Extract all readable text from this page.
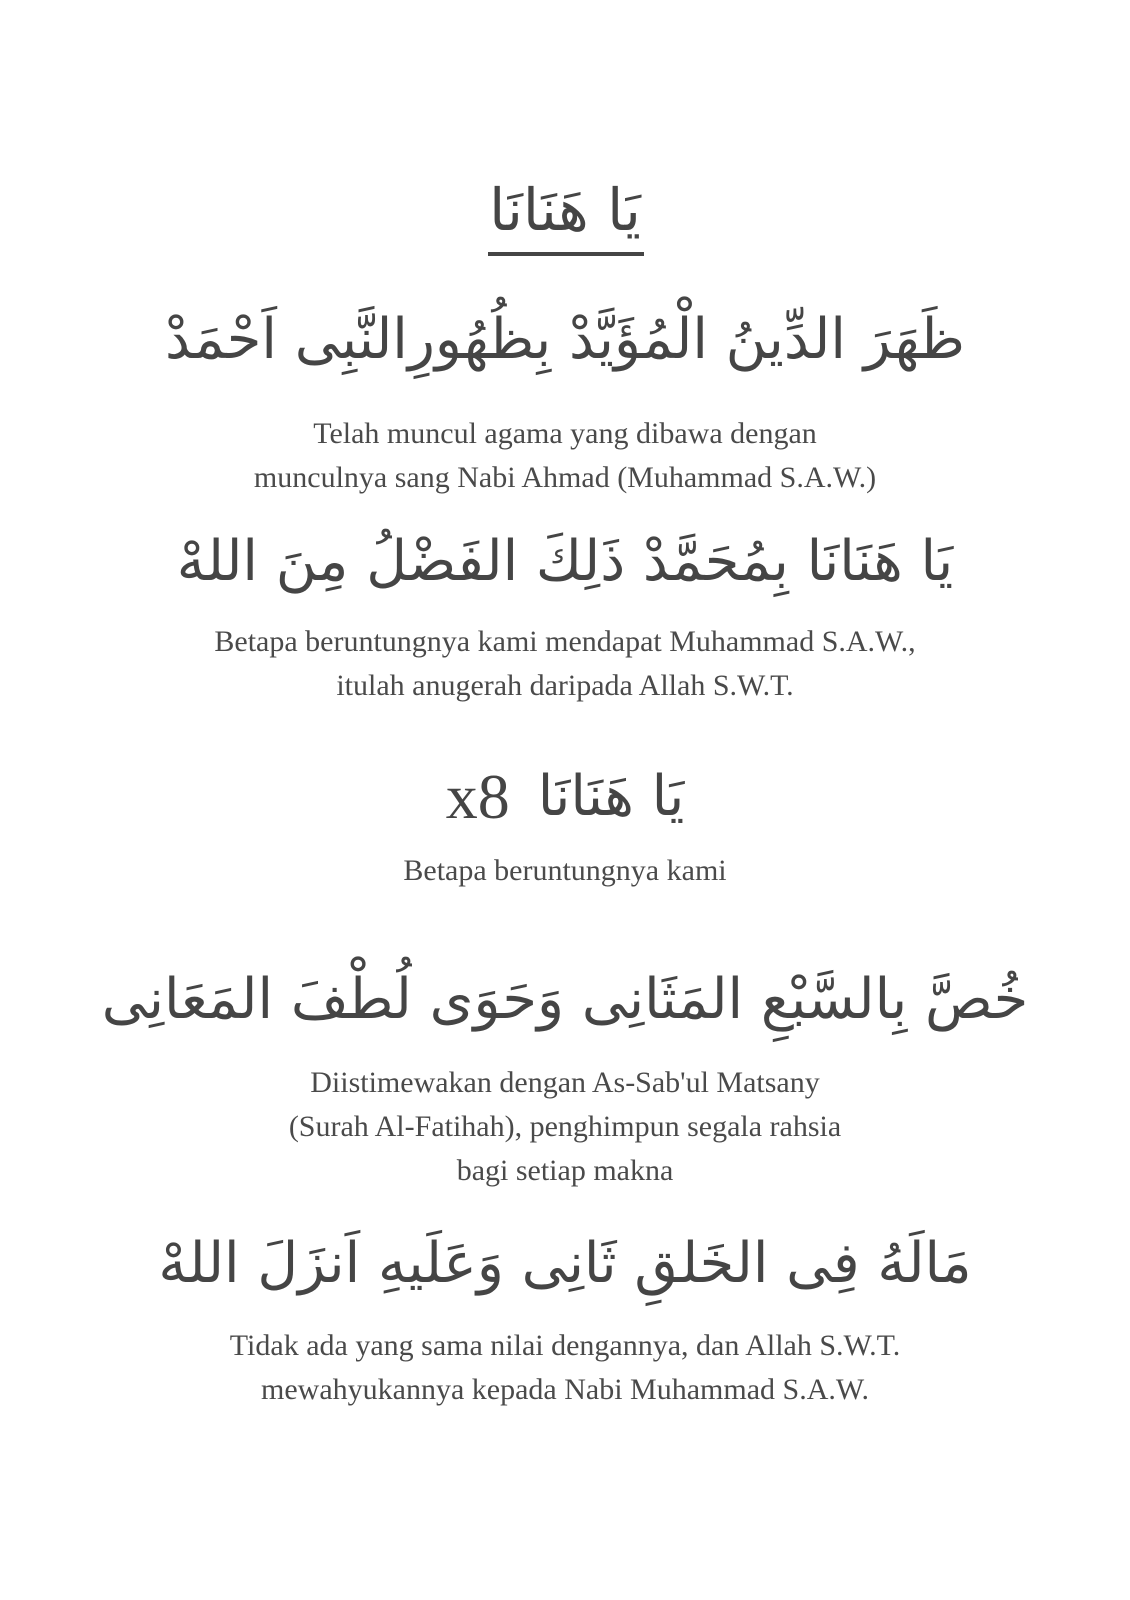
يَا هَنَانَا
ظَهَرَ الدِّينُ الْمُؤَيَّدْ بِظُهُورِالنَّبِى اَحْمَدْ
Telah muncul agama yang dibawa dengan
munculnya sang Nabi Ahmad (Muhammad S.A.W.)
يَا هَنَانَا بِمُحَمَّدْ ذَلِكَ الفَضْلُ مِنَ اللهْ
Betapa beruntungnya kami mendapat Muhammad S.A.W.,
itulah anugerah daripada Allah S.W.T.
x8 يَا هَنَانَا
Betapa beruntungnya kami
خُصَّ بِالسَّبْعِ المَثَانِى وَحَوَى لُطْفَ المَعَانِى
Diistimewakan dengan As-Sab'ul Matsany
(Surah Al-Fatihah), penghimpun segala rahsia
bagi setiap makna
مَالَهُ فِى الخَلقِ ثَانِى وَعَلَيهِ اَنزَلَ اللهْ
Tidak ada yang sama nilai dengannya, dan Allah S.W.T.
mewahyukannya kepada Nabi Muhammad S.A.W.
